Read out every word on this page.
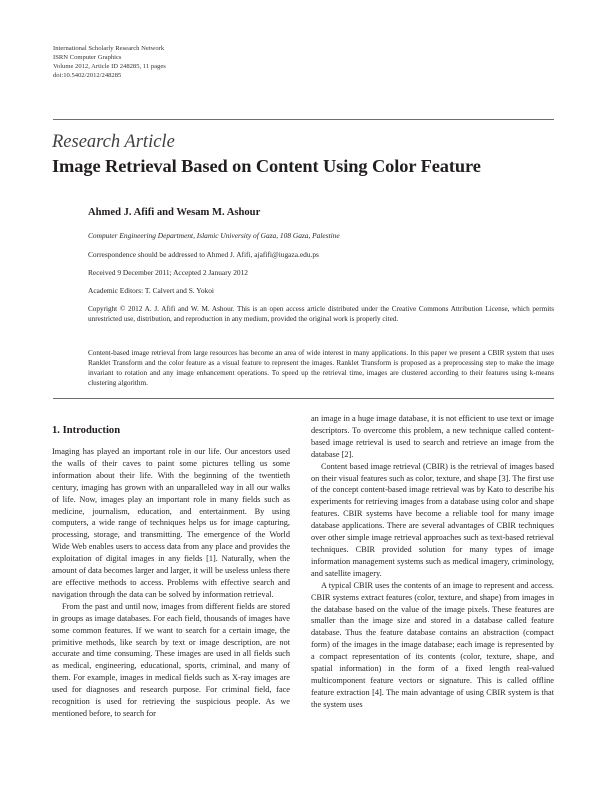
International Scholarly Research Network
ISRN Computer Graphics
Volume 2012, Article ID 248285, 11 pages
doi:10.5402/2012/248285
Research Article
Image Retrieval Based on Content Using Color Feature
Ahmed J. Afifi and Wesam M. Ashour
Computer Engineering Department, Islamic University of Gaza, 108 Gaza, Palestine
Correspondence should be addressed to Ahmed J. Afifi, ajafifi@iugaza.edu.ps
Received 9 December 2011; Accepted 2 January 2012
Academic Editors: T. Calvert and S. Yokoi
Copyright © 2012 A. J. Afifi and W. M. Ashour. This is an open access article distributed under the Creative Commons Attribution License, which permits unrestricted use, distribution, and reproduction in any medium, provided the original work is properly cited.
Content-based image retrieval from large resources has become an area of wide interest in many applications. In this paper we present a CBIR system that uses Ranklet Transform and the color feature as a visual feature to represent the images. Ranklet Transform is proposed as a preprocessing step to make the image invariant to rotation and any image enhancement operations. To speed up the retrieval time, images are clustered according to their features using k-means clustering algorithm.
1. Introduction

Imaging has played an important role in our life. Our ancestors used the walls of their caves to paint some pictures telling us some information about their life. With the beginning of the twentieth century, imaging has grown with an unparalleled way in all our walks of life. Now, images play an important role in many fields such as medicine, journalism, education, and entertainment. By using computers, a wide range of techniques helps us for image capturing, processing, storage, and transmitting. The emergence of the World Wide Web enables users to access data from any place and provides the exploitation of digital images in any fields [1]. Naturally, when the amount of data becomes larger and larger, it will be useless unless there are effective methods to access. Problems with effective search and navigation through the data can be solved by information retrieval.

From the past and until now, images from different fields are stored in groups as image databases. For each field, thousands of images have some common features. If we want to search for a certain image, the primitive methods, like search by text or image description, are not accurate and time consuming. These images are used in all fields such as medical, engineering, educational, sports, criminal, and many of them. For example, images in medical fields such as X-ray images are used for diagnoses and research purpose. For criminal field, face recognition is used for retrieving the suspicious people. As we mentioned before, to search for

an image in a huge image database, it is not efficient to use text or image descriptors. To overcome this problem, a new technique called content-based image retrieval is used to search and retrieve an image from the database [2].

Content based image retrieval (CBIR) is the retrieval of images based on their visual features such as color, texture, and shape [3]. The first use of the concept content-based image retrieval was by Kato to describe his experiments for retrieving images from a database using color and shape features. CBIR systems have become a reliable tool for many image database applications. There are several advantages of CBIR techniques over other simple image retrieval approaches such as text-based retrieval techniques. CBIR provided solution for many types of image information management systems such as medical imagery, criminology, and satellite imagery.

A typical CBIR uses the contents of an image to represent and access. CBIR systems extract features (color, texture, and shape) from images in the database based on the value of the image pixels. These features are smaller than the image size and stored in a database called feature database. Thus the feature database contains an abstraction (compact form) of the images in the image database; each image is represented by a compact representation of its contents (color, texture, shape, and spatial information) in the form of a fixed length real-valued multicomponent feature vectors or signature. This is called offline feature extraction [4]. The main advantage of using CBIR system is that the system uses
